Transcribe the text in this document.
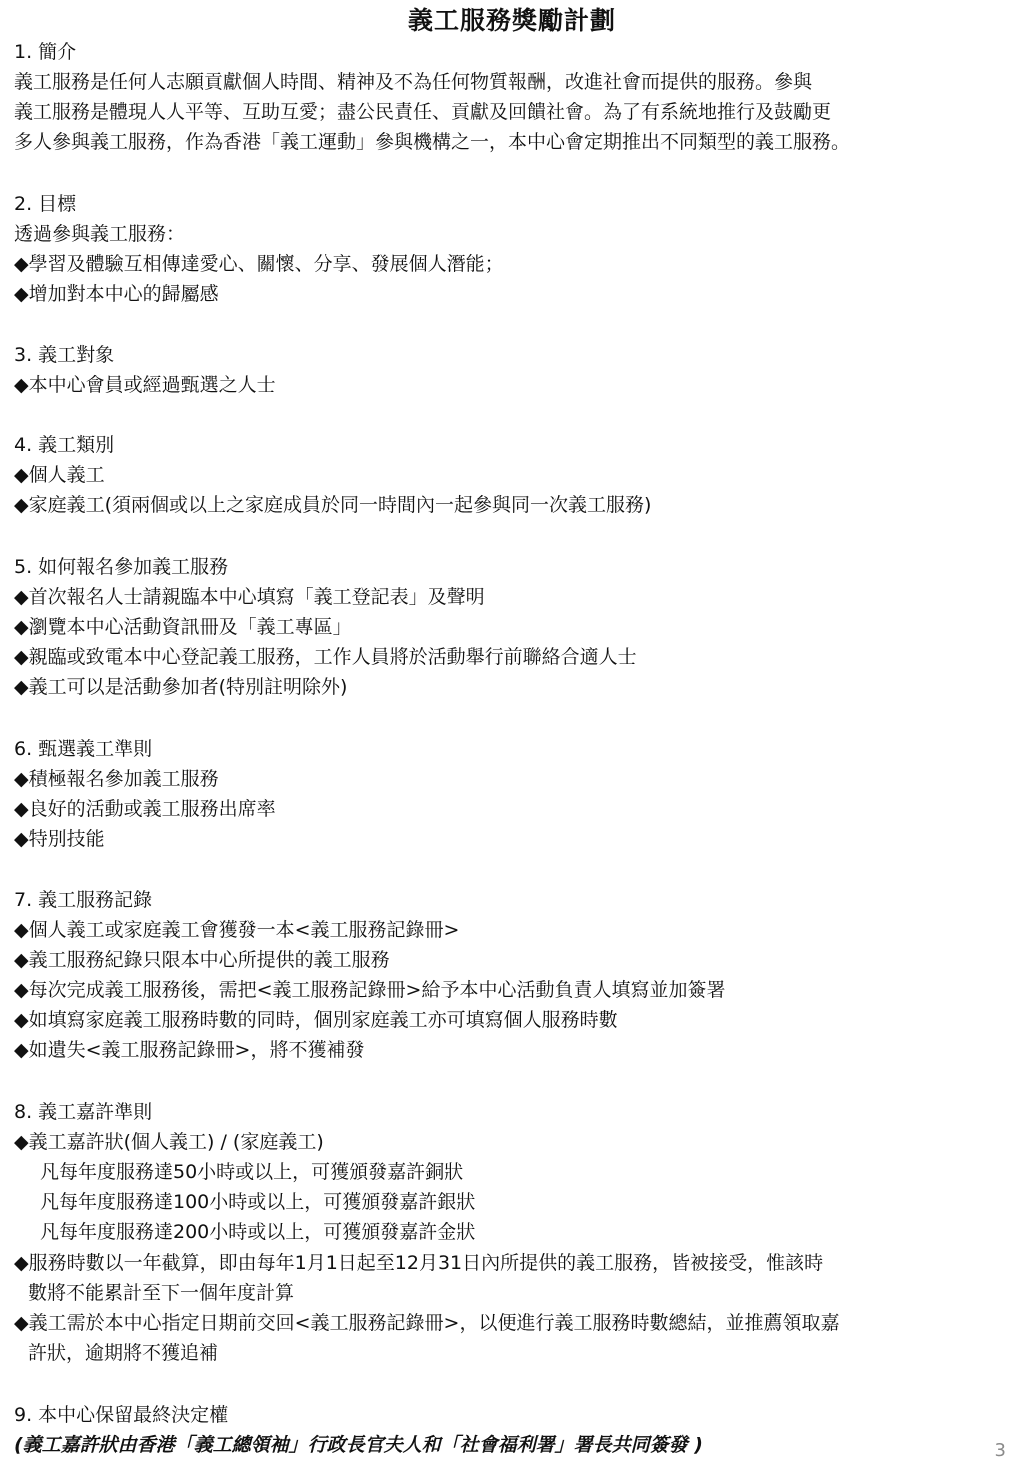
義工服務獎勵計劃
1. 簡介
義工服務是任何人志願貢獻個人時間、精神及不為任何物質報酬，改進社會而提供的服務。參與
義工服務是體現人人平等、互助互愛；盡公民責任、貢獻及回饋社會。為了有系統地推行及鼓勵更
多人參與義工服務，作為香港「義工運動」參與機構之一，本中心會定期推出不同類型的義工服務。
2. 目標
透過參與義工服務：
◆學習及體驗互相傳達愛心、關懷、分享、發展個人潛能；
◆增加對本中心的歸屬感
3. 義工對象
◆本中心會員或經過甄選之人士
4. 義工類別
◆個人義工
◆家庭義工(須兩個或以上之家庭成員於同一時間內一起參與同一次義工服務)
5. 如何報名參加義工服務
◆首次報名人士請親臨本中心填寫「義工登記表」及聲明
◆瀏覽本中心活動資訊冊及「義工專區」
◆親臨或致電本中心登記義工服務，工作人員將於活動舉行前聯絡合適人士
◆義工可以是活動參加者(特別註明除外)
6. 甄選義工準則
◆積極報名參加義工服務
◆良好的活動或義工服務出席率
◆特別技能
7. 義工服務記錄
◆個人義工或家庭義工會獲發一本<義工服務記錄冊>
◆義工服務紀錄只限本中心所提供的義工服務
◆每次完成義工服務後，需把<義工服務記錄冊>給予本中心活動負責人填寫並加簽署
◆如填寫家庭義工服務時數的同時，個別家庭義工亦可填寫個人服務時數
◆如遺失<義工服務記錄冊>，將不獲補發
8. 義工嘉許準則
◆義工嘉許狀(個人義工) / (家庭義工)
凡每年度服務達50小時或以上，可獲頒發嘉許銅狀
凡每年度服務達100小時或以上，可獲頒發嘉許銀狀
凡每年度服務達200小時或以上，可獲頒發嘉許金狀
◆服務時數以一年截算，即由每年1月1日起至12月31日內所提供的義工服務，皆被接受，惟該時
數將不能累計至下一個年度計算
◆義工需於本中心指定日期前交回<義工服務記錄冊>，以便進行義工服務時數總結，並推薦領取嘉
許狀，逾期將不獲追補
9. 本中心保留最終決定權
(義工嘉許狀由香港「義工總領袖」行政長官夫人和「社會福利署」署長共同簽發 )	3
